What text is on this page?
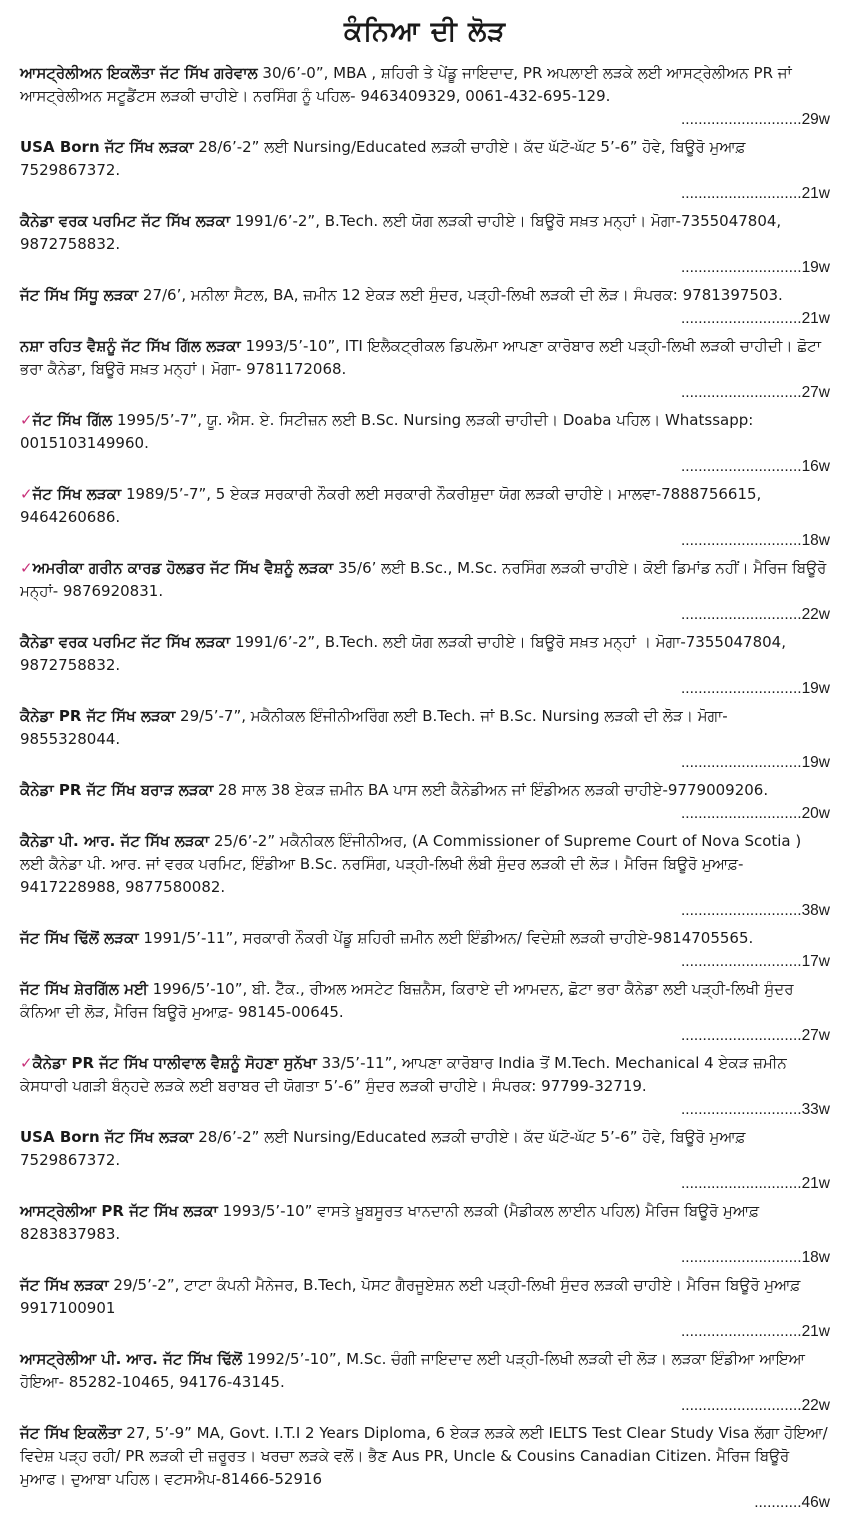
ਕੰਨਿਆ ਦੀ ਲੋੜ
ਆਸਟ੍ਰੇਲੀਅਨ ਇਕਲੌਤਾ ਜੱਟ ਸਿੱਖ ਗਰੇਵਾਲ 30/6’-0”, MBA , ਸ਼ਹਿਰੀ ਤੇ ਪੇਂਡੂ ਜਾਇਦਾਦ, PR ਅਪਲਾਈ ਲੜਕੇ ਲਈ ਆਸਟ੍ਰੇਲੀਅਨ PR ਜਾਂ ਆਸਟ੍ਰੇਲੀਅਨ ਸਟੂਡੈਂਟਸ ਲੜਕੀ ਚਾਹੀਏ। ਨਰਸਿੰਗ ਨੂੰ ਪਹਿਲ- 9463409329, 0061-432-695-129.
............................29w
USA Born ਜੱਟ ਸਿੱਖ ਲੜਕਾ 28/6’-2” ਲਈ Nursing/Educated ਲੜਕੀ ਚਾਹੀਏ। ਕੱਦ ਘੱਟੋ-ਘੱਟ 5’-6” ਹੋਵੇ, ਬਿਊਰੋ ਮੁਆਫ਼ 7529867372.
............................21w
ਕੈਨੇਡਾ ਵਰਕ ਪਰਮਿਟ ਜੱਟ ਸਿੱਖ ਲੜਕਾ 1991/6’-2”, B.Tech. ਲਈ ਯੋਗ ਲੜਕੀ ਚਾਹੀਏ। ਬਿਊਰੋ ਸਖ਼ਤ ਮਨ੍ਹਾਂ। ਮੋਗਾ-7355047804, 9872758832.
............................19w
ਜੱਟ ਸਿੱਖ ਸਿੱਧੂ ਲੜਕਾ 27/6’, ਮਨੀਲਾ ਸੈਟਲ, BA, ਜ਼ਮੀਨ 12 ਏਕੜ ਲਈ ਸੁੰਦਰ, ਪੜ੍ਹੀ-ਲਿਖੀ ਲੜਕੀ ਦੀ ਲੋੜ। ਸੰਪਰਕ: 9781397503.
............................21w
ਨਸ਼ਾ ਰਹਿਤ ਵੈਸ਼ਨੂੰ ਜੱਟ ਸਿੱਖ ਗਿੱਲ ਲੜਕਾ 1993/5’-10”, ITI ਇਲੈਕਟ੍ਰੀਕਲ ਡਿਪਲੋਮਾ ਆਪਣਾ ਕਾਰੋਬਾਰ ਲਈ ਪੜ੍ਹੀ-ਲਿਖੀ ਲੜਕੀ ਚਾਹੀਦੀ। ਛੋਟਾ ਭਰਾ ਕੈਨੇਡਾ, ਬਿਊਰੋ ਸਖ਼ਤ ਮਨ੍ਹਾਂ। ਮੋਗਾ- 9781172068.
............................27w
✓ਜੱਟ ਸਿੱਖ ਗਿੱਲ 1995/5’-7”, ਯੂ. ਐਸ. ਏ. ਸਿਟੀਜ਼ਨ ਲਈ B.Sc. Nursing ਲੜਕੀ ਚਾਹੀਦੀ। Doaba ਪਹਿਲ। Whatssapp: 0015103149960.
............................16w
✓ਜੱਟ ਸਿੱਖ ਲੜਕਾ 1989/5’-7”, 5 ਏਕੜ ਸਰਕਾਰੀ ਨੌਕਰੀ ਲਈ ਸਰਕਾਰੀ ਨੌਕਰੀਸ਼ੁਦਾ ਯੋਗ ਲੜਕੀ ਚਾਹੀਏ। ਮਾਲਵਾ-7888756615, 9464260686.
............................18w
✓ਅਮਰੀਕਾ ਗਰੀਨ ਕਾਰਡ ਹੋਲਡਰ ਜੱਟ ਸਿੱਖ ਵੈਸ਼ਨੂੰ ਲੜਕਾ 35/6’ ਲਈ B.Sc., M.Sc. ਨਰਸਿੰਗ ਲੜਕੀ ਚਾਹੀਏ। ਕੋਈ ਡਿਮਾਂਡ ਨਹੀਂ। ਮੈਰਿਜ ਬਿਊਰੋ ਮਨ੍ਹਾਂ- 9876920831.
............................22w
ਕੈਨੇਡਾ ਵਰਕ ਪਰਮਿਟ ਜੱਟ ਸਿੱਖ ਲੜਕਾ 1991/6’-2”, B.Tech. ਲਈ ਯੋਗ ਲੜਕੀ ਚਾਹੀਏ। ਬਿਊਰੋ ਸਖ਼ਤ ਮਨ੍ਹਾਂ । ਮੋਗਾ-7355047804, 9872758832.
............................19w
ਕੈਨੇਡਾ PR ਜੱਟ ਸਿੱਖ ਲੜਕਾ 29/5’-7”, ਮਕੈਨੀਕਲ ਇੰਜੀਨੀਅਰਿੰਗ ਲਈ B.Tech. ਜਾਂ B.Sc. Nursing ਲੜਕੀ ਦੀ ਲੋੜ। ਮੋਗਾ- 9855328044.
............................19w
ਕੈਨੇਡਾ PR ਜੱਟ ਸਿੱਖ ਬਰਾੜ ਲੜਕਾ 28 ਸਾਲ 38 ਏਕੜ ਜ਼ਮੀਨ BA ਪਾਸ ਲਈ ਕੈਨੇਡੀਅਨ ਜਾਂ ਇੰਡੀਅਨ ਲੜਕੀ ਚਾਹੀਏ-9779009206.
............................20w
ਕੈਨੇਡਾ ਪੀ. ਆਰ. ਜੱਟ ਸਿੱਖ ਲੜਕਾ 25/6’-2” ਮਕੈਨੀਕਲ ਇੰਜੀਨੀਅਰ, (A Commissioner of Supreme Court of Nova Scotia ) ਲਈ ਕੈਨੇਡਾ ਪੀ. ਆਰ. ਜਾਂ ਵਰਕ ਪਰਮਿਟ, ਇੰਡੀਆ B.Sc. ਨਰਸਿੰਗ, ਪੜ੍ਹੀ-ਲਿਖੀ ਲੰਬੀ ਸੁੰਦਰ ਲੜਕੀ ਦੀ ਲੋੜ। ਮੈਰਿਜ ਬਿਊਰੋ ਮੁਆਫ਼- 9417228988, 9877580082.
............................38w
ਜੱਟ ਸਿੱਖ ਢਿੱਲੋਂ ਲੜਕਾ 1991/5’-11”, ਸਰਕਾਰੀ ਨੌਕਰੀ ਪੇਂਡੂ ਸ਼ਹਿਰੀ ਜ਼ਮੀਨ ਲਈ ਇੰਡੀਅਨ/ ਵਿਦੇਸ਼ੀ ਲੜਕੀ ਚਾਹੀਏ-9814705565.
............................17w
ਜੱਟ ਸਿੱਖ ਸ਼ੇਰਗਿੱਲ ਮਈ 1996/5’-10”, ਬੀ. ਟੈੱਕ., ਰੀਅਲ ਅਸਟੇਟ ਬਿਜ਼ਨੈਸ, ਕਿਰਾਏ ਦੀ ਆਮਦਨ, ਛੋਟਾ ਭਰਾ ਕੈਨੇਡਾ ਲਈ ਪੜ੍ਹੀ-ਲਿਖੀ ਸੁੰਦਰ ਕੰਨਿਆ ਦੀ ਲੋੜ, ਮੈਰਿਜ ਬਿਊਰੋ ਮੁਆਫ਼- 98145-00645.
............................27w
✓ਕੈਨੇਡਾ PR ਜੱਟ ਸਿੱਖ ਧਾਲੀਵਾਲ ਵੈਸ਼ਨੂੰ ਸੋਹਣਾ ਸੁਨੱਖਾ 33/5’-11”, ਆਪਣਾ ਕਾਰੋਬਾਰ India ਤੋਂ M.Tech. Mechanical 4 ਏਕੜ ਜ਼ਮੀਨ ਕੇਸਧਾਰੀ ਪਗੜੀ ਬੰਨ੍ਹਦੇ ਲੜਕੇ ਲਈ ਬਰਾਬਰ ਦੀ ਯੋਗਤਾ 5’-6” ਸੁੰਦਰ ਲੜਕੀ ਚਾਹੀਏ। ਸੰਪਰਕ: 97799-32719.
............................33w
USA Born ਜੱਟ ਸਿੱਖ ਲੜਕਾ 28/6’-2” ਲਈ Nursing/Educated ਲੜਕੀ ਚਾਹੀਏ। ਕੱਦ ਘੱਟੋ-ਘੱਟ 5’-6” ਹੋਵੇ, ਬਿਊਰੋ ਮੁਆਫ਼ 7529867372.
............................21w
ਆਸਟ੍ਰੇਲੀਆ PR ਜੱਟ ਸਿੱਖ ਲੜਕਾ 1993/5’-10” ਵਾਸਤੇ ਖ਼ੂਬਸੂਰਤ ਖਾਨਦਾਨੀ ਲੜਕੀ (ਮੈਡੀਕਲ ਲਾਈਨ ਪਹਿਲ) ਮੈਰਿਜ ਬਿਊਰੋ ਮੁਆਫ਼ 8283837983.
............................18w
ਜੱਟ ਸਿੱਖ ਲੜਕਾ 29/5’-2”, ਟਾਟਾ ਕੰਪਨੀ ਮੈਨੇਜਰ, B.Tech, ਪੋਸਟ ਗੈਰਜੂਏਸ਼ਨ ਲਈ ਪੜ੍ਹੀ-ਲਿਖੀ ਸੁੰਦਰ ਲੜਕੀ ਚਾਹੀਏ। ਮੈਰਿਜ ਬਿਊਰੋ ਮੁਆਫ਼ 9917100901
............................21w
ਆਸਟ੍ਰੇਲੀਆ ਪੀ. ਆਰ. ਜੱਟ ਸਿੱਖ ਢਿੱਲੋਂ 1992/5’-10”, M.Sc. ਚੰਗੀ ਜਾਇਦਾਦ ਲਈ ਪੜ੍ਹੀ-ਲਿਖੀ ਲੜਕੀ ਦੀ ਲੋੜ। ਲੜਕਾ ਇੰਡੀਆ ਆਇਆ ਹੋਇਆ- 85282-10465, 94176-43145.
............................22w
ਜੱਟ ਸਿੱਖ ਇਕਲੌਤਾ 27, 5’-9” MA, Govt. I.T.I 2 Years Diploma, 6 ਏਕੜ ਲੜਕੇ ਲਈ IELTS Test Clear Study Visa ਲੱਗਾ ਹੋਇਆ/ਵਿਦੇਸ਼ ਪੜ੍ਹ ਰਹੀ/ PR ਲੜਕੀ ਦੀ ਜ਼ਰੂਰਤ। ਖਰਚਾ ਲੜਕੇ ਵਲੋਂ। ਭੈਣ Aus PR, Uncle & Cousins Canadian Citizen. ਮੈਰਿਜ ਬਿਊਰੋ ਮੁਆਫ। ਦੁਆਬਾ ਪਹਿਲ। ਵਟਸਐਪ-81466-52916
...........46w
